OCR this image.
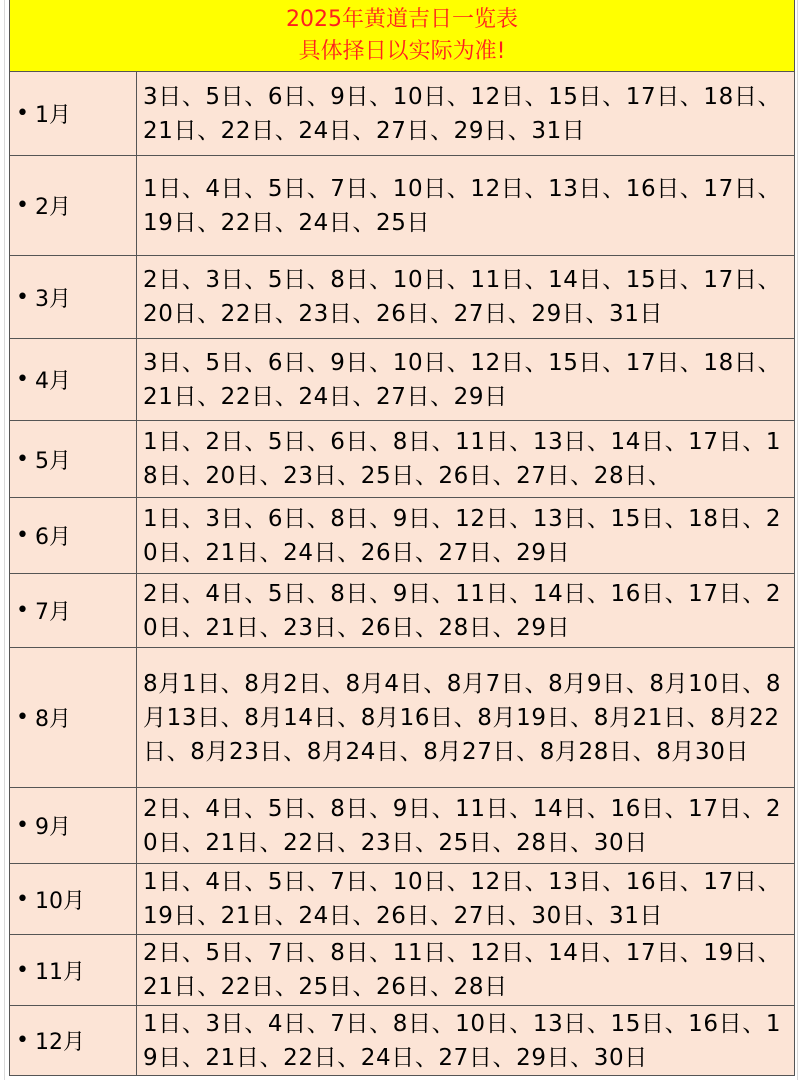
2025年黄道吉日一览表
具体择日以实际为准!
• 1月
3日、5日、6日、9日、10日、12日、15日、17日、18日、21日、22日、24日、27日、29日、31日
• 2月
1日、4日、5日、7日、10日、12日、13日、16日、17日、19日、22日、24日、25日
• 3月
2日、3日、5日、8日、10日、11日、14日、15日、17日、20日、22日、23日、26日、27日、29日、31日
• 4月
3日、5日、6日、9日、10日、12日、15日、17日、18日、21日、22日、24日、27日、29日
• 5月
1日、2日、5日、6日、8日、11日、13日、14日、17日、18日、20日、23日、25日、26日、27日、28日、
• 6月
1日、3日、6日、8日、9日、12日、13日、15日、18日、20日、21日、24日、26日、27日、29日
• 7月
2日、4日、5日、8日、9日、11日、14日、16日、17日、20日、21日、23日、26日、28日、29日
• 8月
8月1日、8月2日、8月4日、8月7日、8月9日、8月10日、8月13日、8月14日、8月16日、8月19日、8月21日、8月22日、8月23日、8月24日、8月27日、8月28日、8月30日
• 9月
2日、4日、5日、8日、9日、11日、14日、16日、17日、20日、21日、22日、23日、25日、28日、30日
• 10月
1日、4日、5日、7日、10日、12日、13日、16日、17日、19日、21日、24日、26日、27日、30日、31日
• 11月
2日、5日、7日、8日、11日、12日、14日、17日、19日、21日、22日、25日、26日、28日
• 12月
1日、3日、4日、7日、8日、10日、13日、15日、16日、19日、21日、22日、24日、27日、29日、30日
